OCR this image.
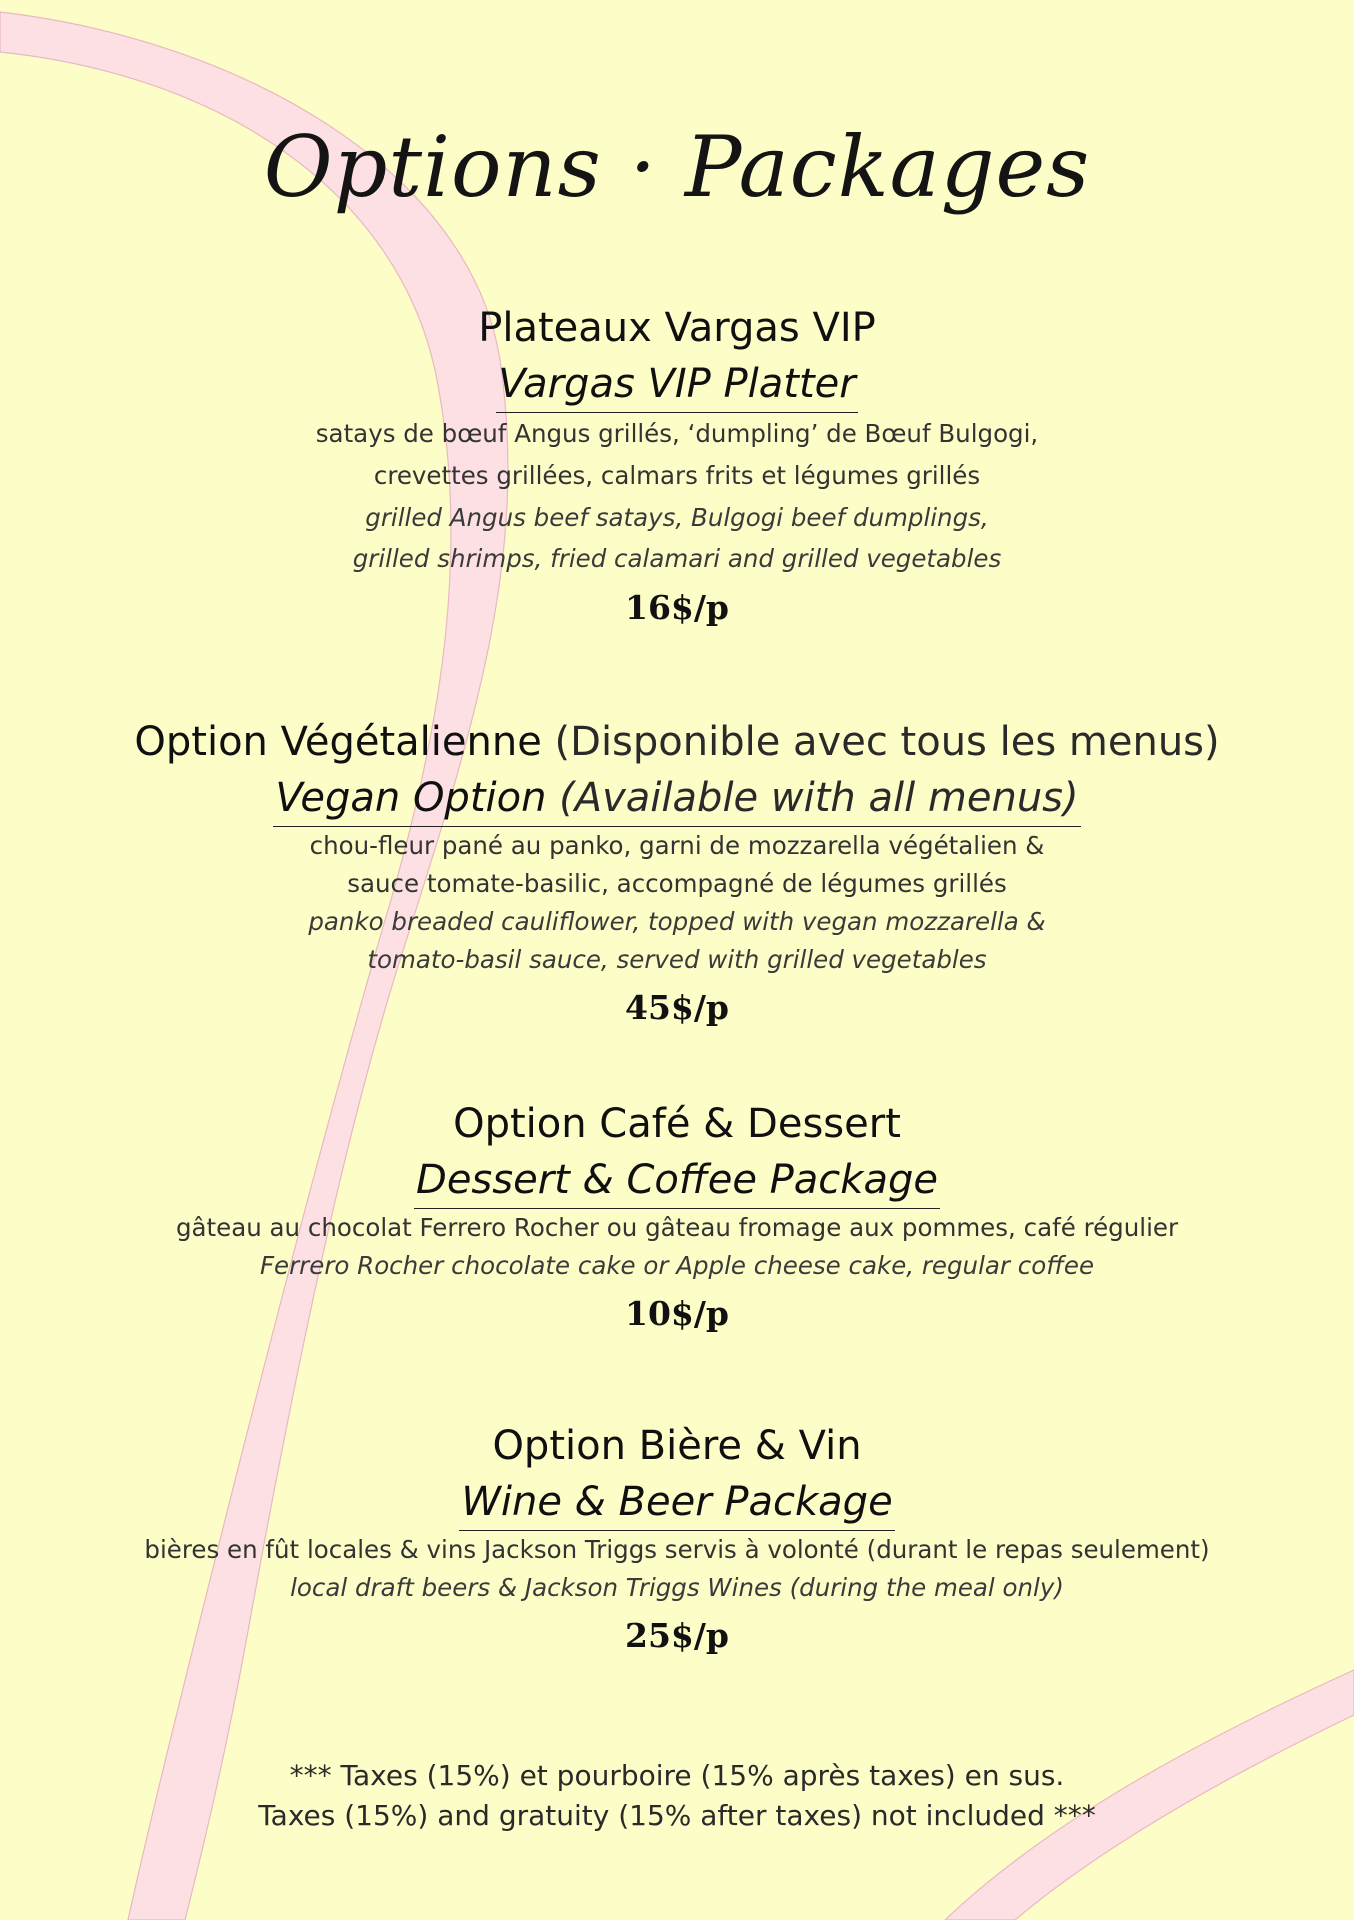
Options · Packages

Plateaux Vargas VIP

Vargas VIP Platter

satays de bœuf Angus grillés, ‘dumpling’ de Bœuf Bulgogi,

crevettes grillées, calmars frits et légumes grillés

grilled Angus beef satays, Bulgogi beef dumplings,

grilled shrimps, fried calamari and grilled vegetables

16$/p

Option Végétalienne (Disponible avec tous les menus)

Vegan Option (Available with all menus)

chou-fleur pané au panko, garni de mozzarella végétalien &

sauce tomate-basilic, accompagné de légumes grillés

panko breaded cauliflower, topped with vegan mozzarella &

tomato-basil sauce, served with grilled vegetables

45$/p

Option Café & Dessert

Dessert & Coffee Package

gâteau au chocolat Ferrero Rocher ou gâteau fromage aux pommes, café régulier

Ferrero Rocher chocolate cake or Apple cheese cake, regular coffee

10$/p

Option Bière & Vin

Wine & Beer Package

bières en fût locales & vins Jackson Triggs servis à volonté (durant le repas seulement)

local draft beers & Jackson Triggs Wines (during the meal only)

25$/p

*** Taxes (15%) et pourboire (15% après taxes) en sus.
Taxes (15%) and gratuity (15% after taxes) not included ***
